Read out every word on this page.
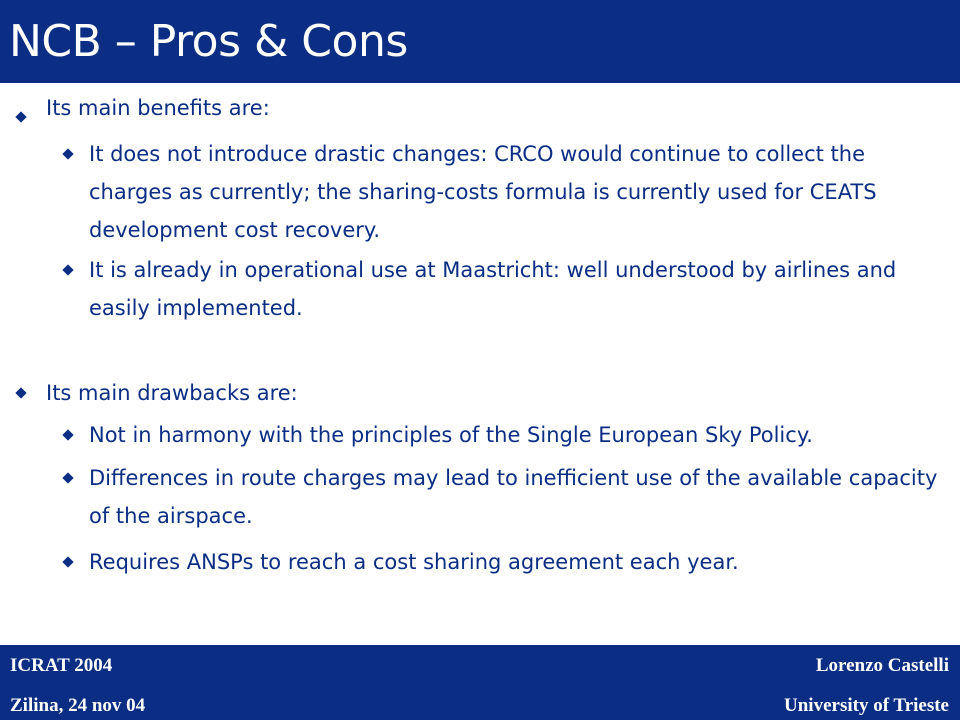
NCB – Pros & Cons
Its main benefits are:
It does not introduce drastic changes: CRCO would continue to collect the charges as currently; the sharing-costs formula is currently used for CEATS development cost recovery.
It is already in operational use at Maastricht: well understood by airlines and easily implemented.
Its main drawbacks are:
Not in harmony with the principles of the Single European Sky Policy.
Differences in route charges may lead to inefficient use of the available capacity of the airspace.
Requires ANSPs to reach a cost sharing agreement each year.
ICRAT 2004
Zilina, 24 nov 04
Lorenzo Castelli
University of Trieste
